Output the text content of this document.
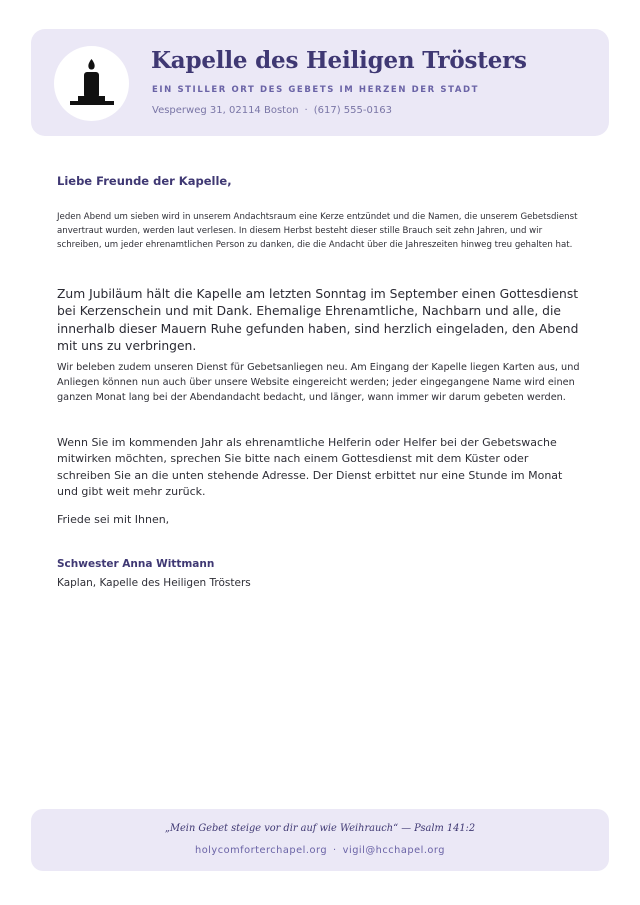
Kapelle des Heiligen Trösters
EIN STILLER ORT DES GEBETS IM HERZEN DER STADT
Vesperweg 31, 02114 Boston · (617) 555-0163
Liebe Freunde der Kapelle,

Jeden Abend um sieben wird in unserem Andachtsraum eine Kerze entzündet und die Namen, die unserem Gebetsdienst anvertraut wurden, werden laut verlesen. In diesem Herbst besteht dieser stille Brauch seit zehn Jahren, und wir schreiben, um jeder ehrenamtlichen Person zu danken, die die Andacht über die Jahreszeiten hinweg treu gehalten hat.

Zum Jubiläum hält die Kapelle am letzten Sonntag im September einen Gottesdienst bei Kerzenschein und mit Dank. Ehemalige Ehrenamtliche, Nachbarn und alle, die innerhalb dieser Mauern Ruhe gefunden haben, sind herzlich eingeladen, den Abend mit uns zu verbringen.

Wir beleben zudem unseren Dienst für Gebetsanliegen neu. Am Eingang der Kapelle liegen Karten aus, und Anliegen können nun auch über unsere Website eingereicht werden; jeder eingegangene Name wird einen ganzen Monat lang bei der Abendandacht bedacht, und länger, wann immer wir darum gebeten werden.

Wenn Sie im kommenden Jahr als ehrenamtliche Helferin oder Helfer bei der Gebetswache mitwirken möchten, sprechen Sie bitte nach einem Gottesdienst mit dem Küster oder schreiben Sie an die unten stehende Adresse. Der Dienst erbittet nur eine Stunde im Monat und gibt weit mehr zurück.

Friede sei mit Ihnen,
Schwester Anna Wittmann
Kaplan, Kapelle des Heiligen Trösters
„Mein Gebet steige vor dir auf wie Weihrauch“ — Psalm 141:2
holycomforterchapel.org · vigil@hcchapel.org
